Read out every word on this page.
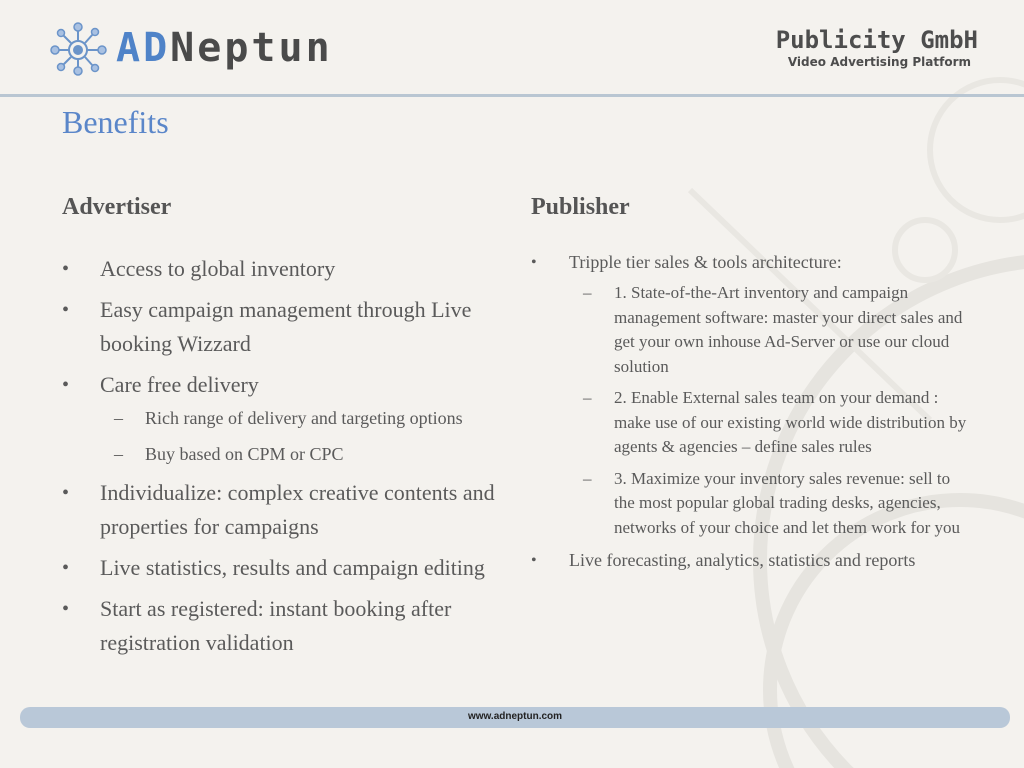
ADNeptun	Publicity GmbH
Video Advertising Platform
Benefits
Advertiser	Publisher
• Access to global inventory
• Easy campaign management through Live booking Wizzard
• Care free delivery
– Rich range of delivery and targeting options
– Buy based on CPM or CPC
• Individualize: complex creative contents and properties for campaigns
• Live statistics, results and campaign editing
• Start as registered: instant booking after registration validation
• Tripple tier sales & tools architecture:
– 1. State-of-the-Art inventory and campaign management software: master your direct sales and get your own inhouse Ad-Server or use our cloud solution
– 2. Enable External sales team on your demand : make use of our existing world wide distribution by agents & agencies – define sales rules
– 3. Maximize your inventory sales revenue: sell to the most popular global trading desks, agencies, networks of your choice and let them work for you
• Live forecasting, analytics, statistics and reports
www.adneptun.com
